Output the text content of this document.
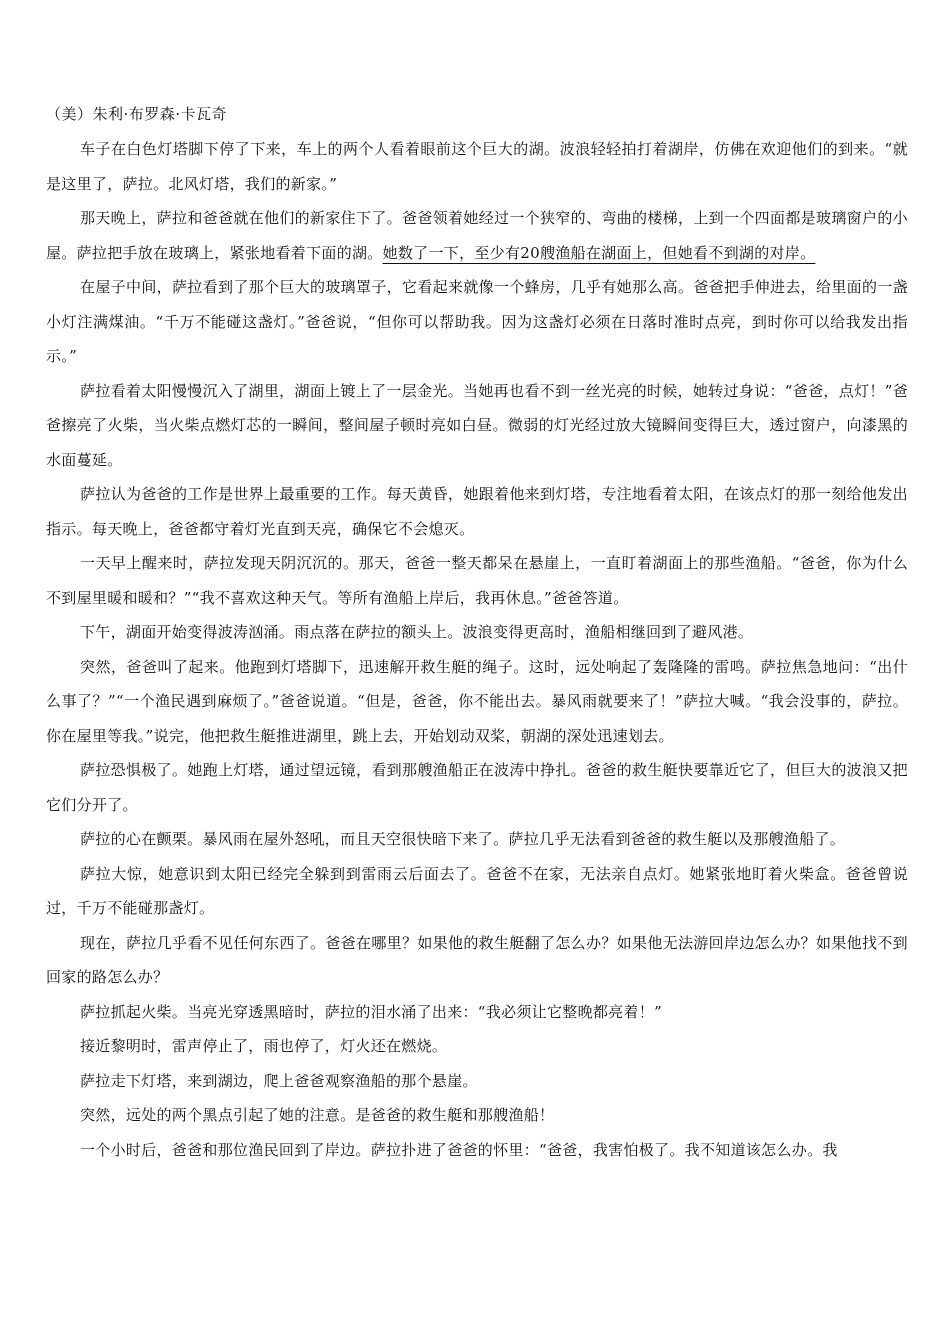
（美）朱利·布罗森·卡瓦奇

车子在白色灯塔脚下停了下来，车上的两个人看着眼前这个巨大的湖。波浪轻轻拍打着湖岸，仿佛在欢迎他们的到来。“就是这里了，萨拉。北风灯塔，我们的新家。”

那天晚上，萨拉和爸爸就在他们的新家住下了。爸爸领着她经过一个狭窄的、弯曲的楼梯，上到一个四面都是玻璃窗户的小屋。萨拉把手放在玻璃上，紧张地看着下面的湖。她数了一下，至少有20艘渔船在湖面上，但她看不到湖的对岸。

在屋子中间，萨拉看到了那个巨大的玻璃罩子，它看起来就像一个蜂房，几乎有她那么高。爸爸把手伸进去，给里面的一盏小灯注满煤油。“千万不能碰这盏灯。”爸爸说，“但你可以帮助我。因为这盏灯必须在日落时准时点亮，到时你可以给我发出指示。”

萨拉看着太阳慢慢沉入了湖里，湖面上镀上了一层金光。当她再也看不到一丝光亮的时候，她转过身说：“爸爸，点灯！”爸爸擦亮了火柴，当火柴点燃灯芯的一瞬间，整间屋子顿时亮如白昼。微弱的灯光经过放大镜瞬间变得巨大，透过窗户，向漆黑的水面蔓延。

萨拉认为爸爸的工作是世界上最重要的工作。每天黄昏，她跟着他来到灯塔，专注地看着太阳，在该点灯的那一刻给他发出指示。每天晚上，爸爸都守着灯光直到天亮，确保它不会熄灭。

一天早上醒来时，萨拉发现天阴沉沉的。那天，爸爸一整天都呆在悬崖上，一直盯着湖面上的那些渔船。“爸爸，你为什么不到屋里暖和暖和？”“我不喜欢这种天气。等所有渔船上岸后，我再休息。”爸爸答道。

下午，湖面开始变得波涛汹涌。雨点落在萨拉的额头上。波浪变得更高时，渔船相继回到了避风港。

突然，爸爸叫了起来。他跑到灯塔脚下，迅速解开救生艇的绳子。这时，远处响起了轰隆隆的雷鸣。萨拉焦急地问：“出什么事了？”“一个渔民遇到麻烦了。”爸爸说道。“但是，爸爸，你不能出去。暴风雨就要来了！”萨拉大喊。“我会没事的，萨拉。你在屋里等我。”说完，他把救生艇推进湖里，跳上去，开始划动双桨，朝湖的深处迅速划去。

萨拉恐惧极了。她跑上灯塔，通过望远镜，看到那艘渔船正在波涛中挣扎。爸爸的救生艇快要靠近它了，但巨大的波浪又把它们分开了。

萨拉的心在颤栗。暴风雨在屋外怒吼，而且天空很快暗下来了。萨拉几乎无法看到爸爸的救生艇以及那艘渔船了。

萨拉大惊，她意识到太阳已经完全躲到到雷雨云后面去了。爸爸不在家，无法亲自点灯。她紧张地盯着火柴盒。爸爸曾说过，千万不能碰那盏灯。

现在，萨拉几乎看不见任何东西了。爸爸在哪里？如果他的救生艇翻了怎么办？如果他无法游回岸边怎么办？如果他找不到回家的路怎么办？

萨拉抓起火柴。当亮光穿透黑暗时，萨拉的泪水涌了出来：“我必须让它整晚都亮着！”

接近黎明时，雷声停止了，雨也停了，灯火还在燃烧。

萨拉走下灯塔，来到湖边，爬上爸爸观察渔船的那个悬崖。

突然，远处的两个黑点引起了她的注意。是爸爸的救生艇和那艘渔船！

一个小时后，爸爸和那位渔民回到了岸边。萨拉扑进了爸爸的怀里：“爸爸，我害怕极了。我不知道该怎么办。我
